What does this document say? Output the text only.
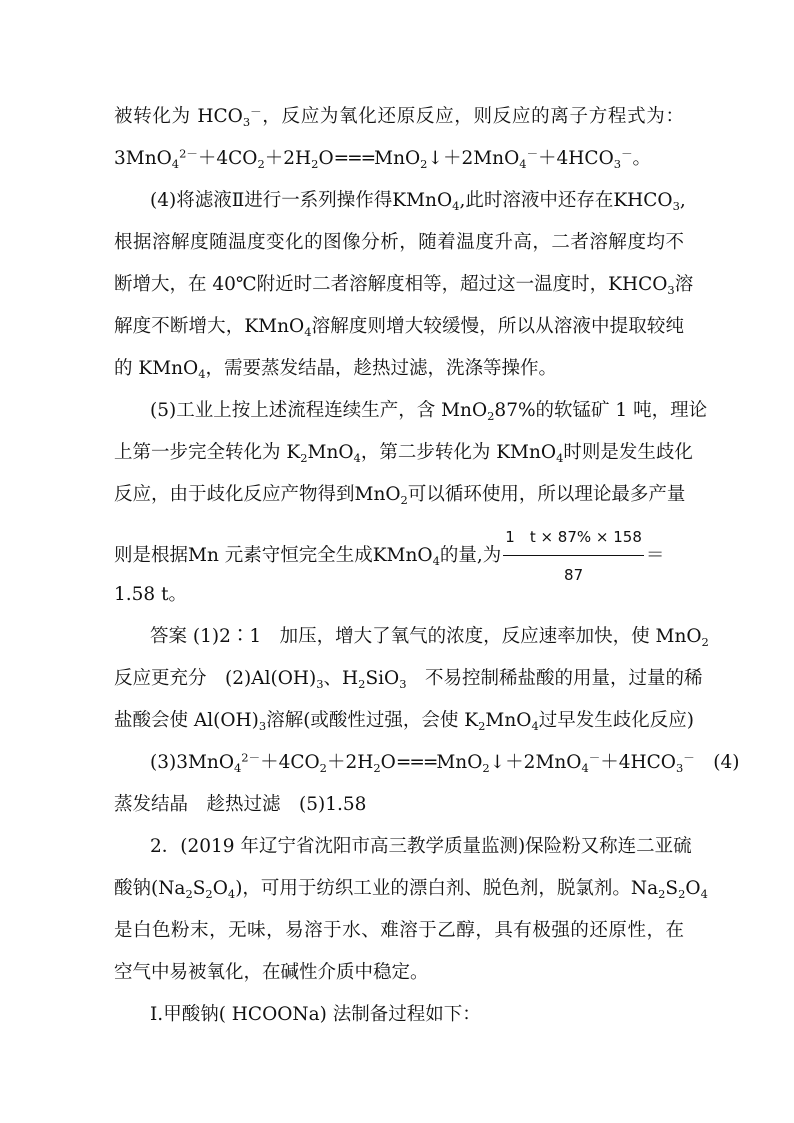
被转化为 $HCO_3^-$，反应为氧化还原反应，则反应的离子方程式为：
$3MnO_4^{2-}+4CO_2+2H_2O===MnO_2↓+2MnO_4^-+4HCO_3^-$。
(4)将滤液Ⅱ进行一系列操作得KMnO$_4$,此时溶液中还存在$KHCO_3$,
根据溶解度随温度变化的图像分析，随着温度升高，二者溶解度均不
断增大，在 40℃附近时二者溶解度相等，超过这一温度时，$KHCO_3$溶
解度不断增大，KMnO$_4$溶解度则增大较缓慢，所以从溶液中提取较纯
的 KMnO$_4$，需要蒸发结晶，趁热过滤，洗涤等操作。
(5)工业上按上述流程连续生产，含 MnO$_2$87%的软锰矿 1 吨，理论
上第一步完全转化为 $K_2MnO_4$，第二步转化为 KMnO$_4$时则是发生歧化
反应，由于歧化反应产物得到MnO$_2$可以循环使用，所以理论最多产量
则是根据Mn 元素守恒完全生成KMnO$_4$的量,为 $\frac{1 t \times 87\% \times 158}{87}$ ＝
1.58 t。
答案 (1)2∶1　加压，增大了氧气的浓度，反应速率加快，使 MnO$_2$
反应更充分　$(2)Al(OH)_3$、$H_2SiO_3$　不易控制稀盐酸的用量，过量的稀
盐酸会使 $Al(OH)_3$溶解(或酸性过强，会使 $K_2MnO_4$过早发生歧化反应)
$(3)3MnO_4^{2-}+4CO_2+2H_2O===MnO_2↓+2MnO_4^-+4HCO_3^-$　(4)
蒸发结晶　趁热过滤　(5)1.58
2．(2019 年辽宁省沈阳市高三教学质量监测)保险粉又称连二亚硫
酸钠$(Na_2S_2O_4)$，可用于纺织工业的漂白剂、脱色剂，脱氯剂。$Na_2S_2O_4$
是白色粉末，无味，易溶于水、难溶于乙醇，具有极强的还原性，在
空气中易被氧化，在碱性介质中稳定。
Ⅰ.甲酸钠( HCOONa) 法制备过程如下：
